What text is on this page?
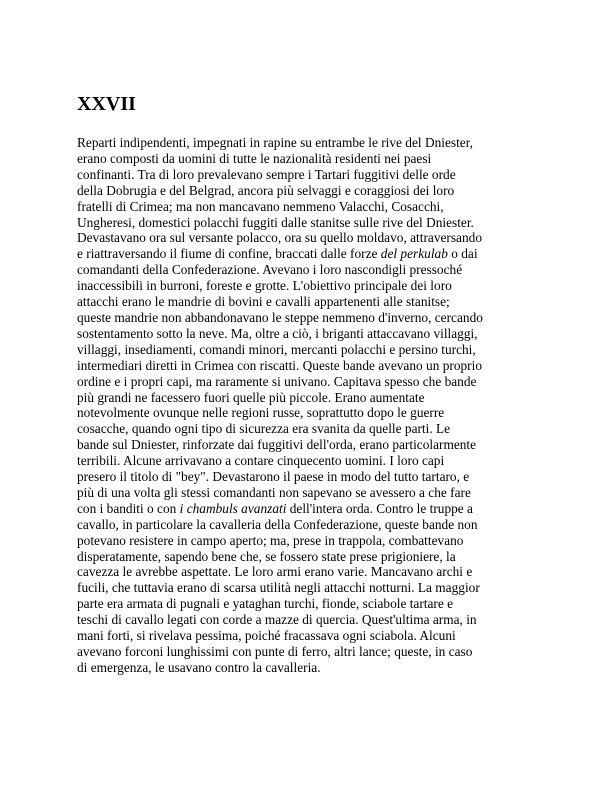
XXVII
Reparti indipendenti, impegnati in rapine su entrambe le rive del Dniester,
erano composti da uomini di tutte le nazionalità residenti nei paesi
confinanti. Tra di loro prevalevano sempre i Tartari fuggitivi delle orde
della Dobrugia e del Belgrad, ancora più selvaggi e coraggiosi dei loro
fratelli di Crimea; ma non mancavano nemmeno Valacchi, Cosacchi,
Ungheresi, domestici polacchi fuggiti dalle stanitse sulle rive del Dniester.
Devastavano ora sul versante polacco, ora su quello moldavo, attraversando
e riattraversando il fiume di confine, braccati dalle forze del perkulab o dai
comandanti della Confederazione. Avevano i loro nascondigli pressoché
inaccessibili in burroni, foreste e grotte. L'obiettivo principale dei loro
attacchi erano le mandrie di bovini e cavalli appartenenti alle stanitse;
queste mandrie non abbandonavano le steppe nemmeno d'inverno, cercando
sostentamento sotto la neve. Ma, oltre a ciò, i briganti attaccavano villaggi,
villaggi, insediamenti, comandi minori, mercanti polacchi e persino turchi,
intermediari diretti in Crimea con riscatti. Queste bande avevano un proprio
ordine e i propri capi, ma raramente si univano. Capitava spesso che bande
più grandi ne facessero fuori quelle più piccole. Erano aumentate
notevolmente ovunque nelle regioni russe, soprattutto dopo le guerre
cosacche, quando ogni tipo di sicurezza era svanita da quelle parti. Le
bande sul Dniester, rinforzate dai fuggitivi dell'orda, erano particolarmente
terribili. Alcune arrivavano a contare cinquecento uomini. I loro capi
presero il titolo di "bey". Devastarono il paese in modo del tutto tartaro, e
più di una volta gli stessi comandanti non sapevano se avessero a che fare
con i banditi o con i chambuls avanzati dell'intera orda. Contro le truppe a
cavallo, in particolare la cavalleria della Confederazione, queste bande non
potevano resistere in campo aperto; ma, prese in trappola, combattevano
disperatamente, sapendo bene che, se fossero state prese prigioniere, la
cavezza le avrebbe aspettate. Le loro armi erano varie. Mancavano archi e
fucili, che tuttavia erano di scarsa utilità negli attacchi notturni. La maggior
parte era armata di pugnali e yataghan turchi, fionde, sciabole tartare e
teschi di cavallo legati con corde a mazze di quercia. Quest'ultima arma, in
mani forti, si rivelava pessima, poiché fracassava ogni sciabola. Alcuni
avevano forconi lunghissimi con punte di ferro, altri lance; queste, in caso
di emergenza, le usavano contro la cavalleria.
